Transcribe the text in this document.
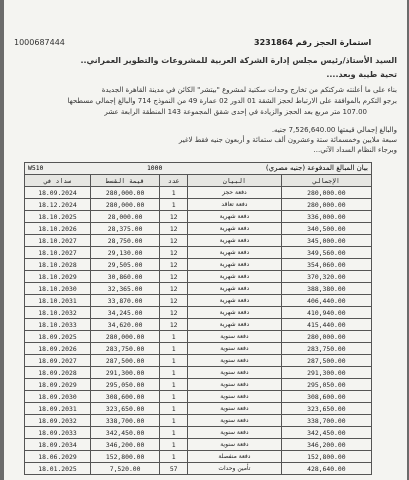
1000687444	استمارة الحجز رقم 3231864
السيد الأستاذ/رئيس مجلس إدارة الشركة العربية للمشروعات والتطوير العمراني..
تحية طيبة وبعد....
بناء على ما أعلنته شركتكم من تخارج وحدات سكنية لمشروع "بيتشر" الكائن في مدينة القاهرة الجديدة
برجو التكرم بالموافقة على الارتباط لحجز الشقة 01 الدور 02 عمارة 49 من النموذج 714 والبالغ إجمالي مسطحها
107.00 متر مربع بعد الحجز والزيادة في إحدى شقق المجموعة 143 المنطقة الرابعة عشر
والبالغ إجمالي قيمتها 7,526,640.00 جنيه.
سبعة ملايين وخمسمائة ستة وعشرون ألف ستمائة و أربعون جنيه فقط لاغير
وبرجاء النظام السداد الآتي...
W510	1000	بيان المبالغ المدفوعة (جنيه مصري)
سداد في	قيمة القسط	عدد	البيان	الإجمالي
18.09.2024	280,000.00	1	دفعة حجز	280,000.00
18.12.2024	280,000.00	1	دفعة تعاقد	280,000.00
18.10.2025	28,000.00	12	دفعة شهرية	336,000.00
18.10.2026	28,375.00	12	دفعة شهرية	340,500.00
18.10.2027	28,750.00	12	دفعة شهرية	345,000.00
18.10.2027	29,130.00	12	دفعة شهرية	349,560.00
18.10.2028	29,505.00	12	دفعة شهرية	354,060.00
18.10.2029	30,860.00	12	دفعة شهرية	370,320.00
18.10.2030	32,365.00	12	دفعة شهرية	388,380.00
18.10.2031	33,870.00	12	دفعة شهرية	406,440.00
18.10.2032	34,245.00	12	دفعة شهرية	410,940.00
18.10.2033	34,620.00	12	دفعة شهرية	415,440.00
18.09.2025	280,000.00	1	دفعة سنوية	280,000.00
18.09.2026	283,750.00	1	دفعة سنوية	283,750.00
18.09.2027	287,500.00	1	دفعة سنوية	287,500.00
18.09.2028	291,300.00	1	دفعة سنوية	291,300.00
18.09.2029	295,050.00	1	دفعة سنوية	295,050.00
18.09.2030	308,600.00	1	دفعة سنوية	308,600.00
18.09.2031	323,650.00	1	دفعة سنوية	323,650.00
18.09.2032	338,700.00	1	دفعة سنوية	338,700.00
18.09.2033	342,450.00	1	دفعة سنوية	342,450.00
18.09.2034	346,200.00	1	دفعة سنوية	346,200.00
18.06.2029	152,800.00	1	دفعة منفصلة	152,800.00
18.01.2025	7,520.00	57	تأمين وحدات	428,640.00
